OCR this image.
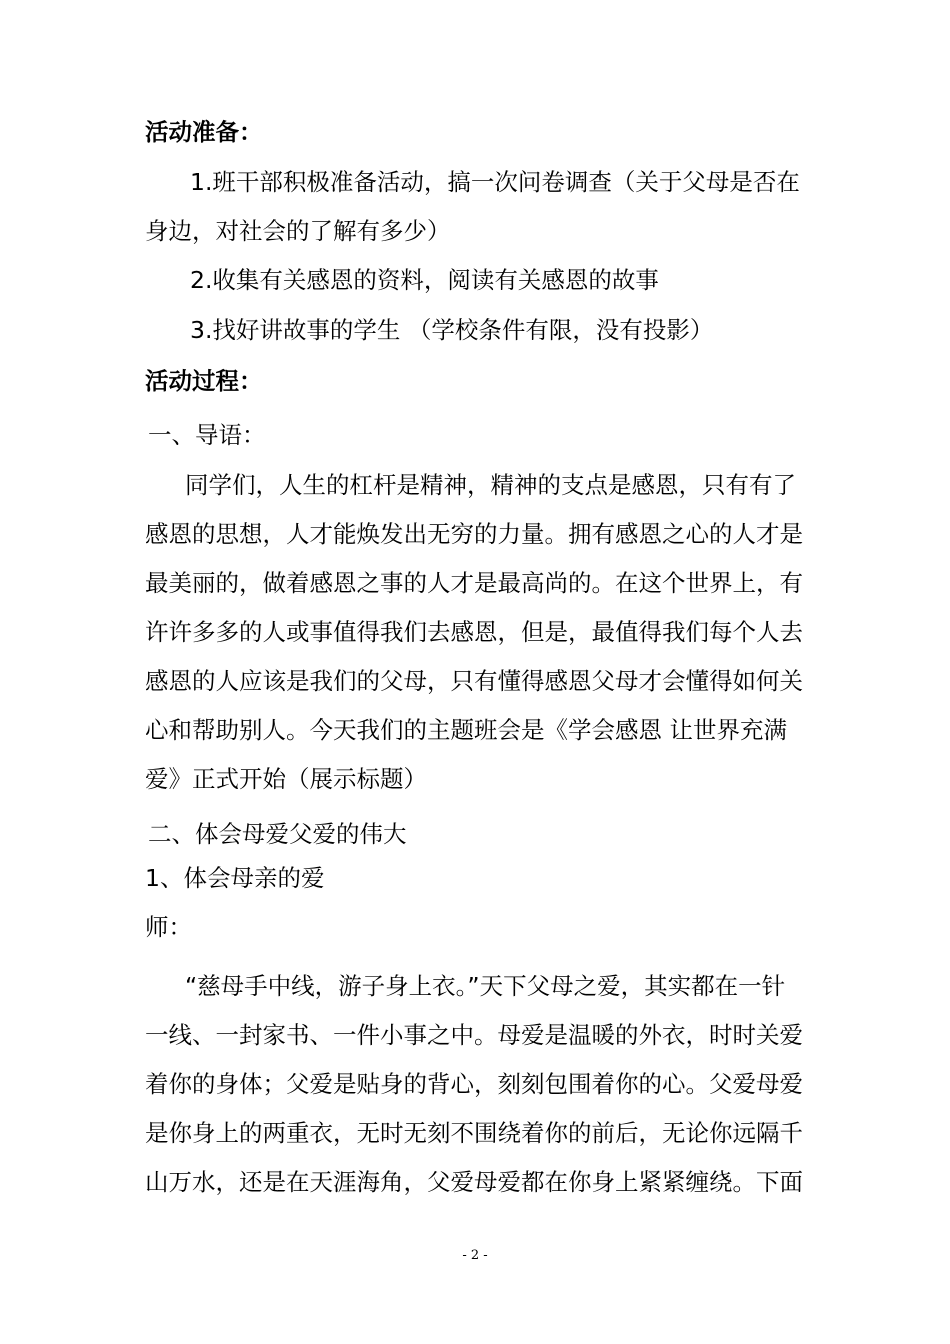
活动准备：
1.班干部积极准备活动，搞一次问卷调查（关于父母是否在
身边，对社会的了解有多少）
2.收集有关感恩的资料，阅读有关感恩的故事
3.找好讲故事的学生 （学校条件有限，没有投影）
活动过程：
一、导语：
同学们，人生的杠杆是精神，精神的支点是感恩，只有有了
感恩的思想，人才能焕发出无穷的力量。拥有感恩之心的人才是
最美丽的，做着感恩之事的人才是最高尚的。在这个世界上，有
许许多多的人或事值得我们去感恩，但是，最值得我们每个人去
感恩的人应该是我们的父母，只有懂得感恩父母才会懂得如何关
心和帮助别人。今天我们的主题班会是《学会感恩 让世界充满
爱》正式开始（展示标题）
二、体会母爱父爱的伟大
1、体会母亲的爱
师：
“慈母手中线，游子身上衣。”天下父母之爱，其实都在一针
一线、一封家书、一件小事之中。母爱是温暖的外衣，时时关爱
着你的身体；父爱是贴身的背心，刻刻包围着你的心。父爱母爱
是你身上的两重衣，无时无刻不围绕着你的前后，无论你远隔千
山万水，还是在天涯海角，父爱母爱都在你身上紧紧缠绕。下面
- 2 -
